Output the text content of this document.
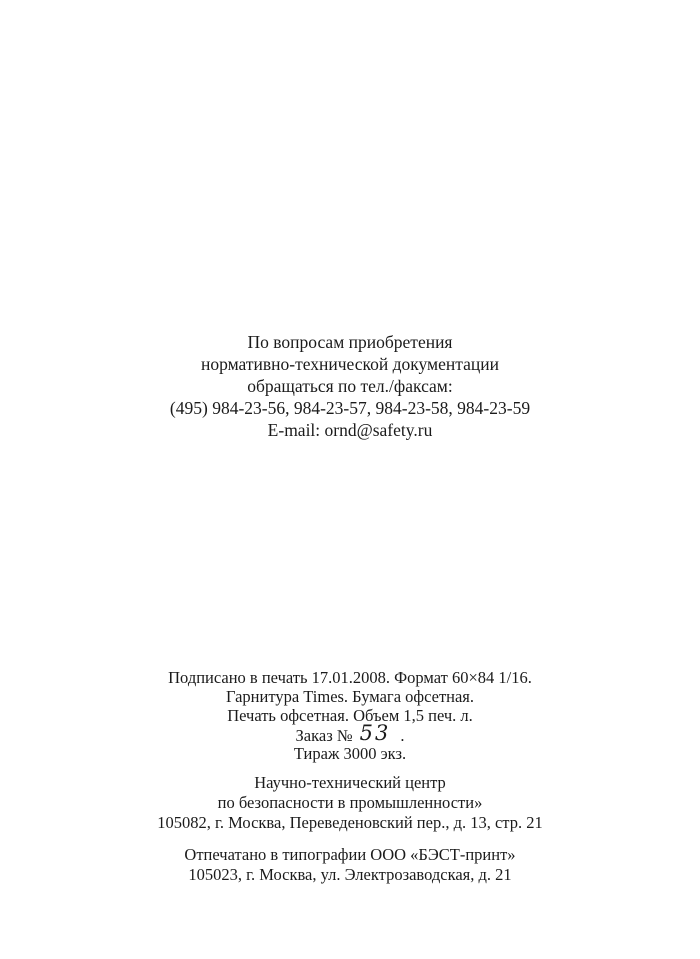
По вопросам приобретения
нормативно-технической документации
обращаться по тел./факсам:
(495) 984-23-56, 984-23-57, 984-23-58, 984-23-59
E-mail: ornd@safety.ru
Подписано в печать 17.01.2008. Формат 60×84 1/16.
Гарнитура Times. Бумага офсетная.
Печать офсетная. Объем 1,5 печ. л.
Заказ № 53 .
Тираж 3000 экз.
Научно-технический центр
по безопасности в промышленности»
105082, г. Москва, Переведеновский пер., д. 13, стр. 21
Отпечатано в типографии ООО «БЭСТ-принт»
105023, г. Москва, ул. Электрозаводская, д. 21
